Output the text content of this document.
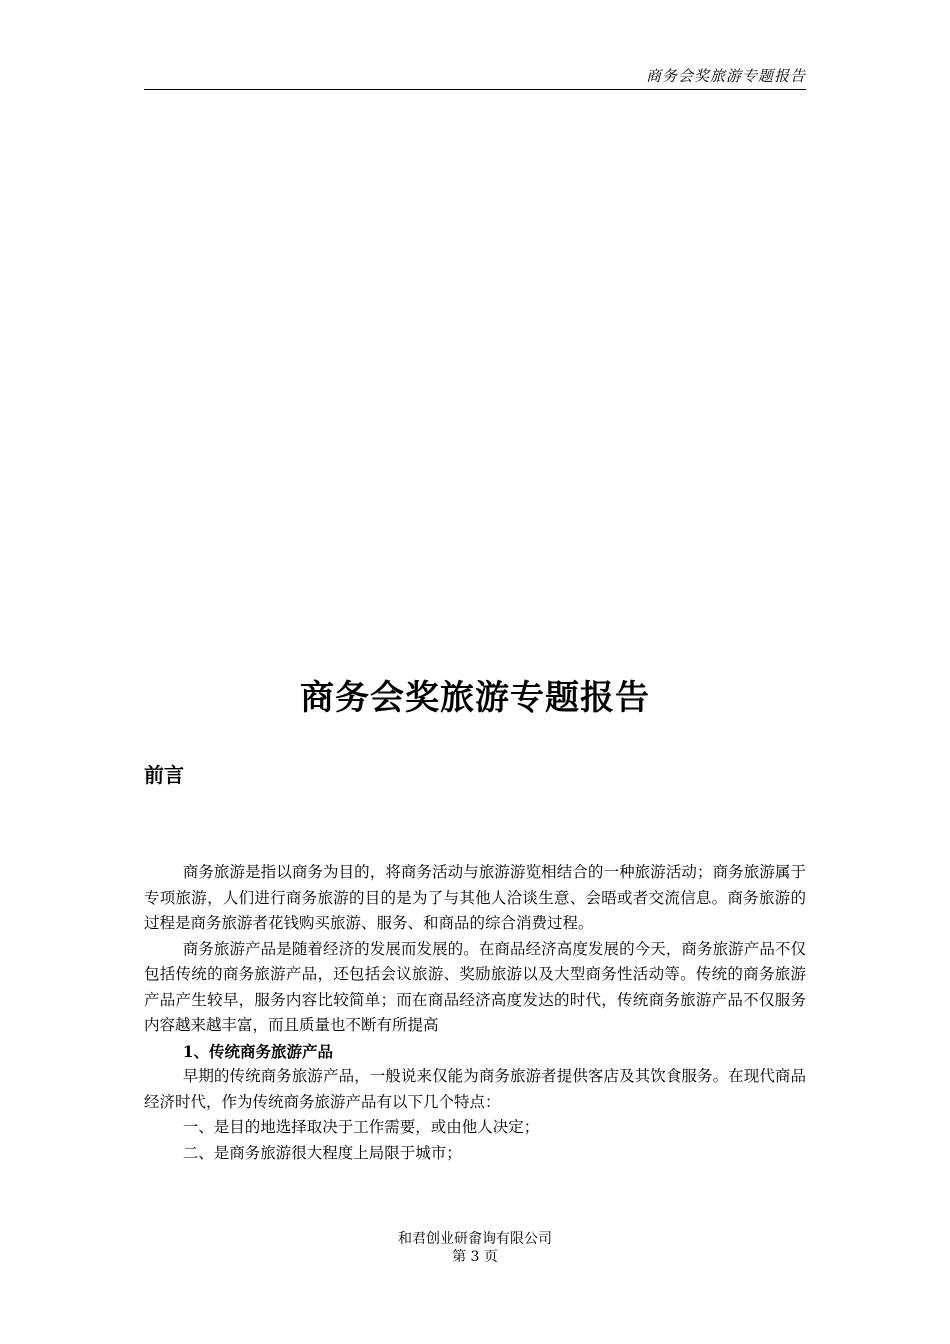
商务会奖旅游专题报告
商务会奖旅游专题报告
前言

商务旅游是指以商务为目的，将商务活动与旅游游览相结合的一种旅游活动；商务旅游属于专项旅游，人们进行商务旅游的目的是为了与其他人洽谈生意、会晤或者交流信息。商务旅游的过程是商务旅游者花钱购买旅游、服务、和商品的综合消费过程。

商务旅游产品是随着经济的发展而发展的。在商品经济高度发展的今天，商务旅游产品不仅包括传统的商务旅游产品，还包括会议旅游、奖励旅游以及大型商务性活动等。传统的商务旅游产品产生较早，服务内容比较简单；而在商品经济高度发达的时代，传统商务旅游产品不仅服务内容越来越丰富，而且质量也不断有所提高

1、传统商务旅游产品

早期的传统商务旅游产品，一般说来仅能为商务旅游者提供客店及其饮食服务。在现代商品经济时代，作为传统商务旅游产品有以下几个特点：

一、是目的地选择取决于工作需要，或由他人决定；

二、是商务旅游很大程度上局限于城市；

和君创业研畲询有限公司
第 3 页
